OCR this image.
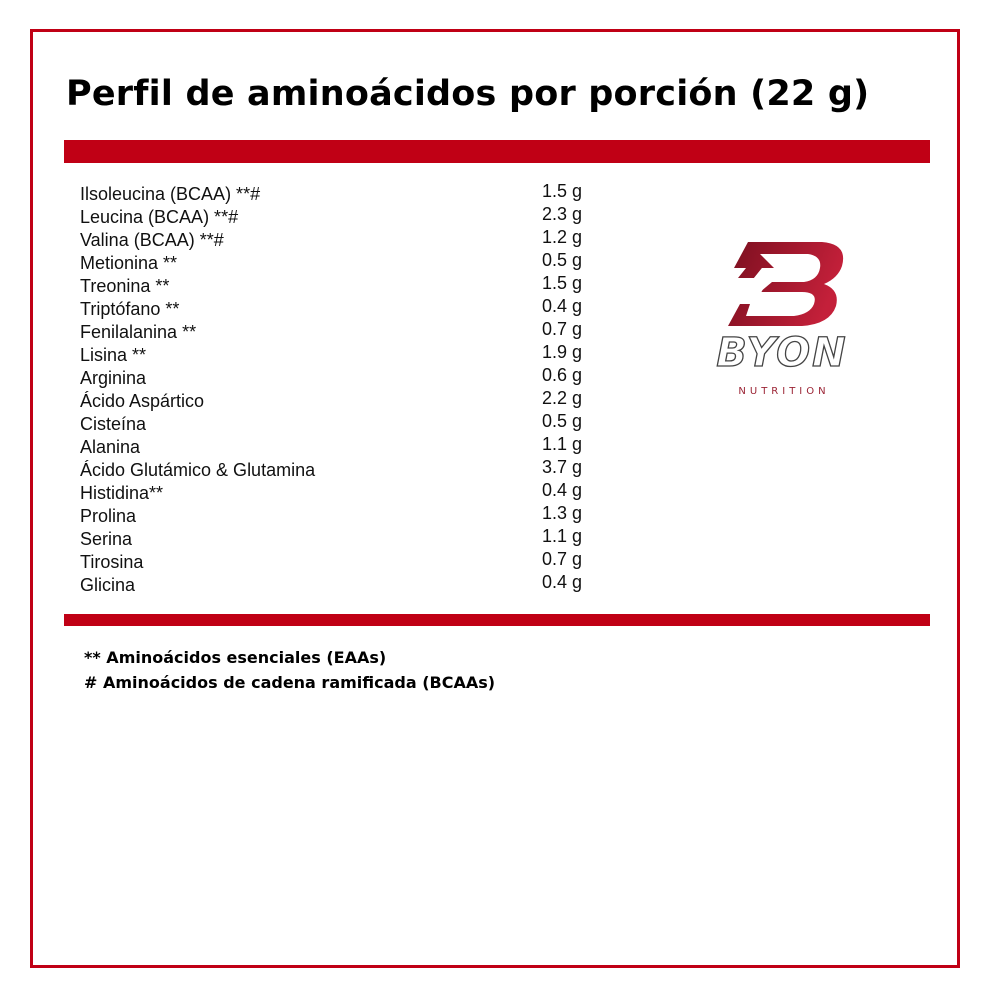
Perfil de aminoácidos por porción (22 g)
Ilsoleucina (BCAA) **#	1.5 g
Leucina (BCAA) **#	2.3 g
Valina (BCAA) **#	1.2 g
Metionina **	0.5 g
Treonina **	1.5 g
Triptófano **	0.4 g
Fenilalanina **	0.7 g
Lisina **	1.9 g
Arginina	0.6 g
Ácido Aspártico	2.2 g
Cisteína	0.5 g
Alanina	1.1 g
Ácido Glutámico & Glutamina	3.7 g
Histidina**	0.4 g
Prolina	1.3 g
Serina	1.1 g
Tirosina	0.7 g
Glicina	0.4 g
BYON
NUTRITION
** Aminoácidos esenciales (EAAs)
# Aminoácidos de cadena ramificada (BCAAs)
